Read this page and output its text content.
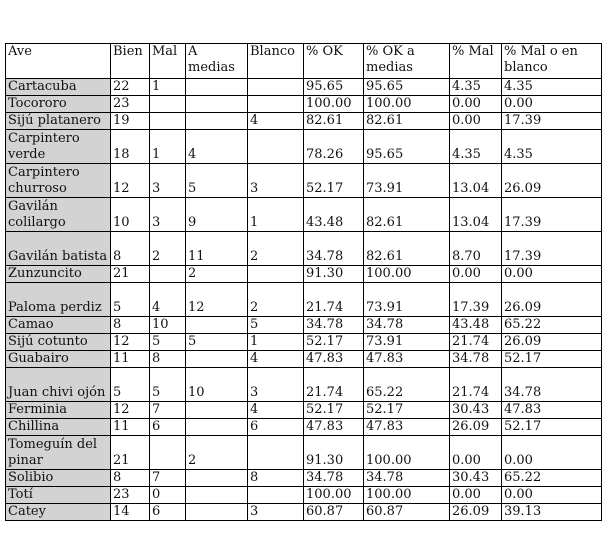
Ave	Bien	Mal	A medias	Blanco	% OK	% OK a medias	% Mal	% Mal o en blanco
Cartacuba	22	1			95.65	95.65	4.35	4.35
Tocororo	23				100.00	100.00	0.00	0.00
Sijú platanero	19			4	82.61	82.61	0.00	17.39
Carpintero verde	18	1	4		78.26	95.65	4.35	4.35
Carpintero churroso	12	3	5	3	52.17	73.91	13.04	26.09
Gavilán colilargo	10	3	9	1	43.48	82.61	13.04	17.39
Gavilán batista	8	2	11	2	34.78	82.61	8.70	17.39
Zunzuncito	21		2		91.30	100.00	0.00	0.00
Paloma perdiz	5	4	12	2	21.74	73.91	17.39	26.09
Camao	8	10		5	34.78	34.78	43.48	65.22
Sijú cotunto	12	5	5	1	52.17	73.91	21.74	26.09
Guabairo	11	8		4	47.83	47.83	34.78	52.17
Juan chivi ojón	5	5	10	3	21.74	65.22	21.74	34.78
Ferminia	12	7		4	52.17	52.17	30.43	47.83
Chillina	11	6		6	47.83	47.83	26.09	52.17
Tomeguín del pinar	21		2		91.30	100.00	0.00	0.00
Solibio	8	7		8	34.78	34.78	30.43	65.22
Totí	23	0			100.00	100.00	0.00	0.00
Catey	14	6		3	60.87	60.87	26.09	39.13
